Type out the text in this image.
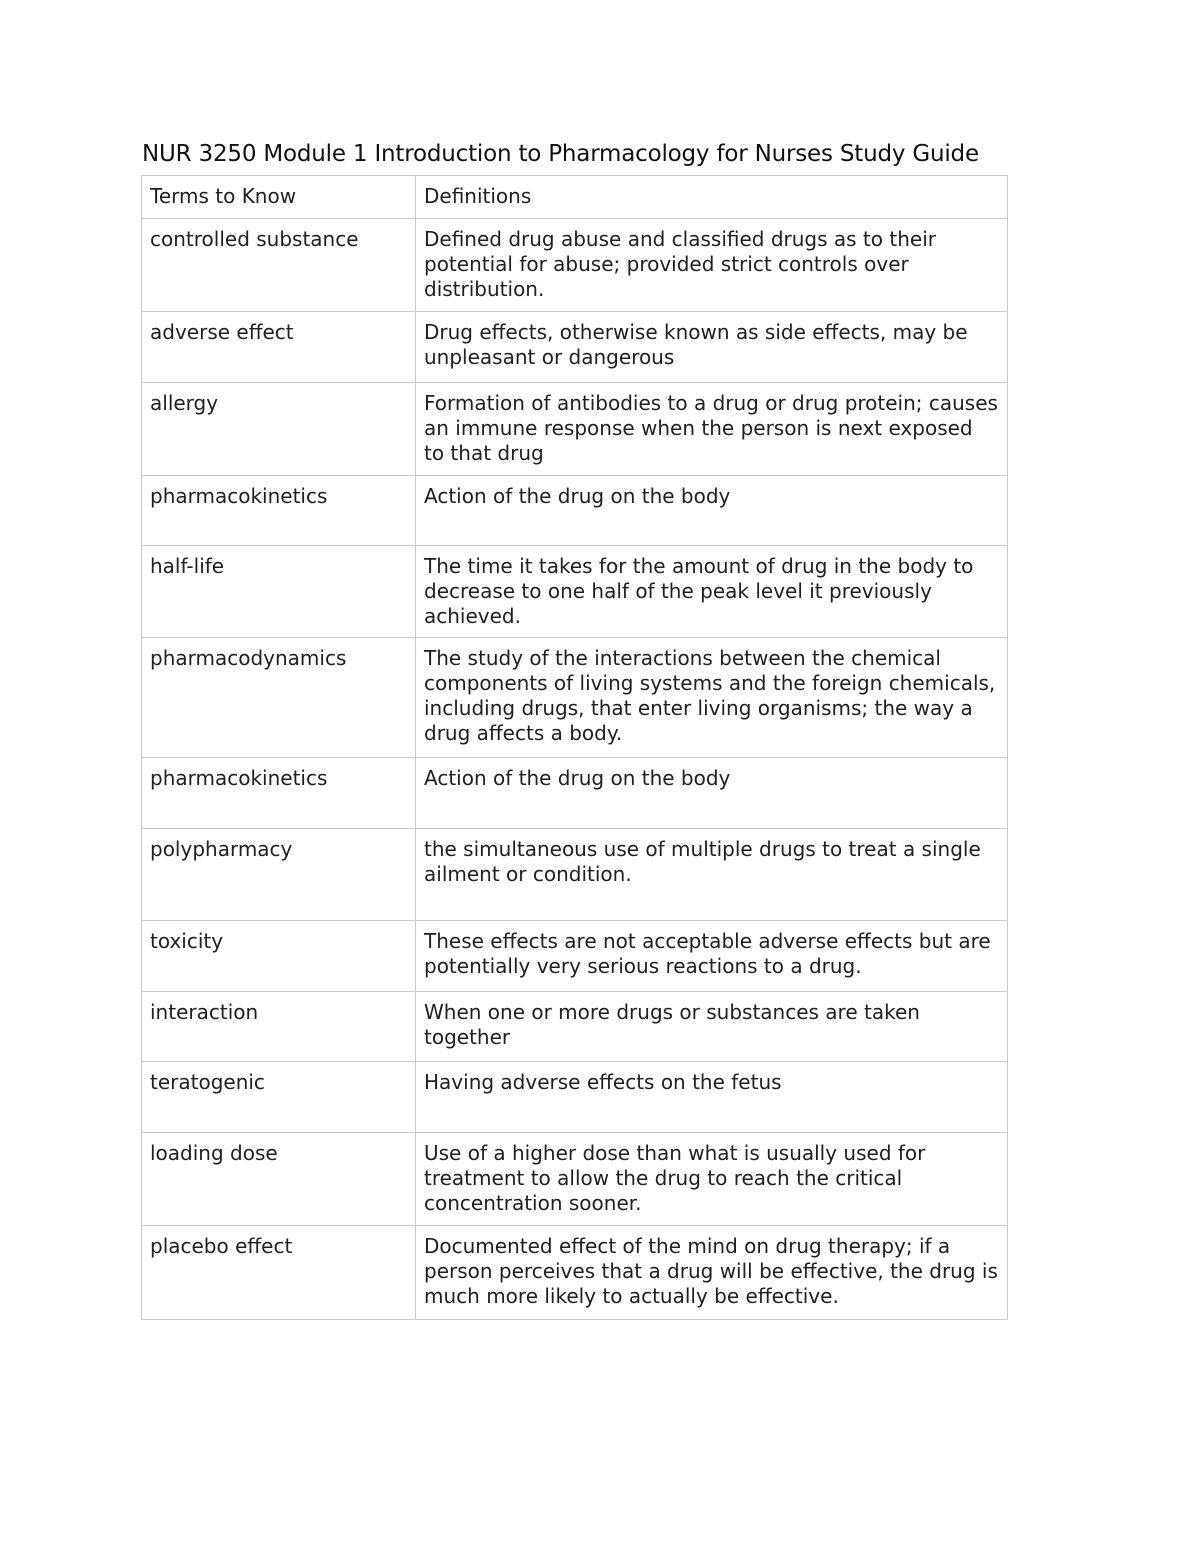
NUR 3250 Module 1 Introduction to Pharmacology for Nurses Study Guide
Terms to Know	Definitions
controlled substance	Defined drug abuse and classified drugs as to their potential for abuse; provided strict controls over distribution.
adverse effect	Drug effects, otherwise known as side effects, may be unpleasant or dangerous
allergy	Formation of antibodies to a drug or drug protein; causes an immune response when the person is next exposed to that drug
pharmacokinetics	Action of the drug on the body
half-life	The time it takes for the amount of drug in the body to decrease to one half of the peak level it previously achieved.
pharmacodynamics	The study of the interactions between the chemical components of living systems and the foreign chemicals, including drugs, that enter living organisms; the way a drug affects a body.
pharmacokinetics	Action of the drug on the body
polypharmacy	the simultaneous use of multiple drugs to treat a single ailment or condition.
toxicity	These effects are not acceptable adverse effects but are potentially very serious reactions to a drug.
interaction	When one or more drugs or substances are taken together
teratogenic	Having adverse effects on the fetus
loading dose	Use of a higher dose than what is usually used for treatment to allow the drug to reach the critical concentration sooner.
placebo effect	Documented effect of the mind on drug therapy; if a person perceives that a drug will be effective, the drug is much more likely to actually be effective.
